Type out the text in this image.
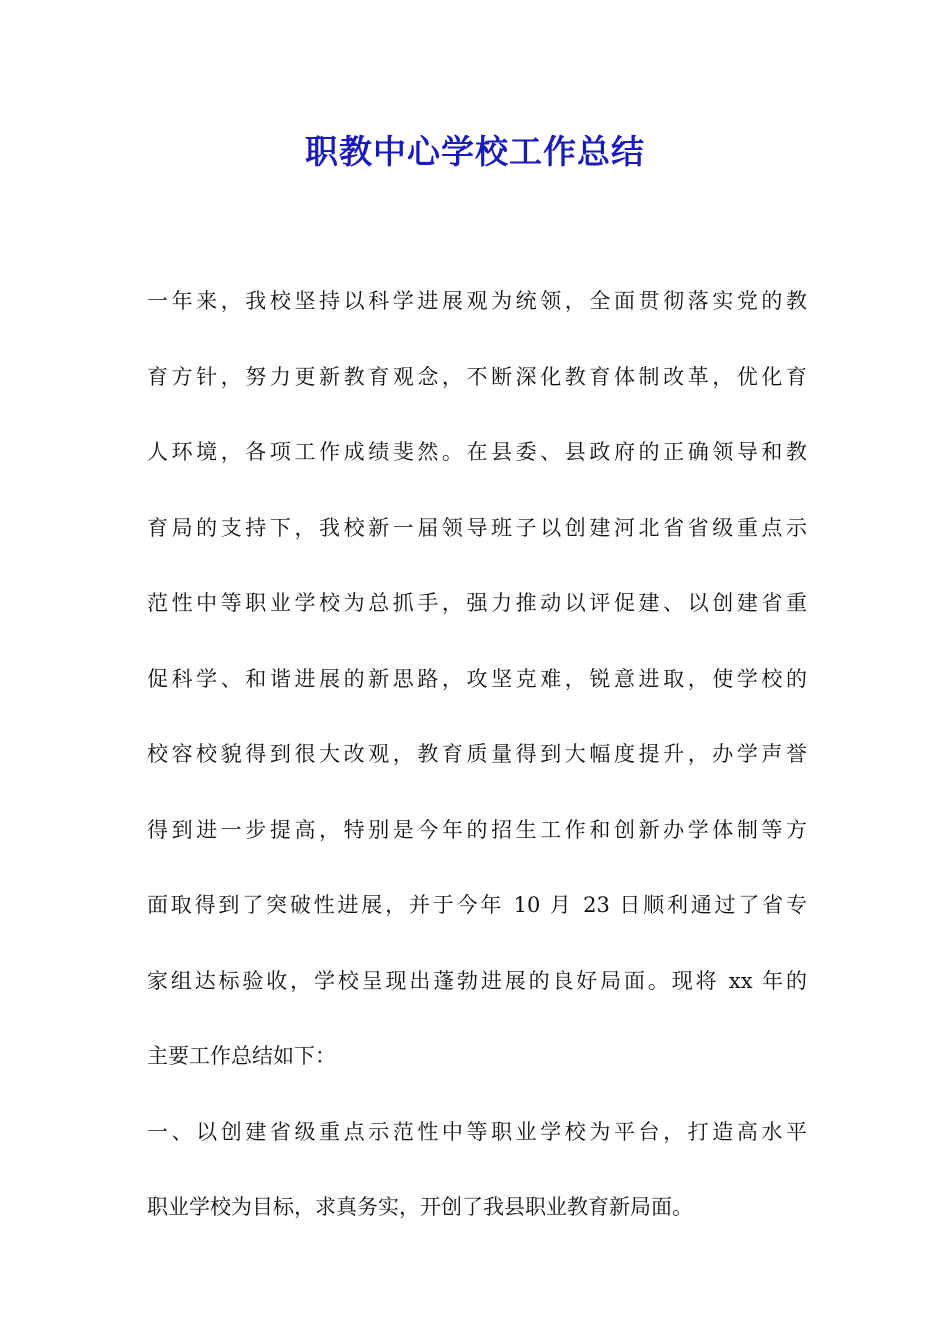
职教中心学校工作总结
一年来，我校坚持以科学进展观为统领，全面贯彻落实党的教
育方针，努力更新教育观念，不断深化教育体制改革，优化育
人环境，各项工作成绩斐然。在县委、县政府的正确领导和教
育局的支持下，我校新一届领导班子以创建河北省省级重点示
范性中等职业学校为总抓手，强力推动以评促建、以创建省重
促科学、和谐进展的新思路，攻坚克难，锐意进取，使学校的
校容校貌得到很大改观，教育质量得到大幅度提升，办学声誉
得到进一步提高，特别是今年的招生工作和创新办学体制等方
面取得到了突破性进展，并于今年 10 月 23 日顺利通过了省专
家组达标验收，学校呈现出蓬勃进展的良好局面。现将 xx 年的
主要工作总结如下：
一、以创建省级重点示范性中等职业学校为平台，打造高水平
职业学校为目标，求真务实，开创了我县职业教育新局面。
